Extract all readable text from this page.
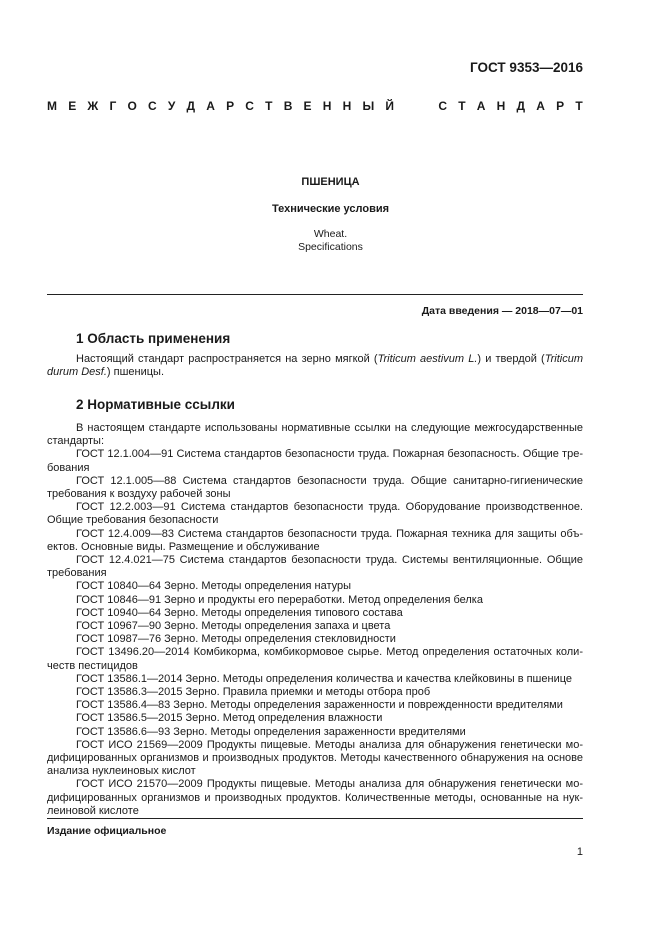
ГОСТ 9353—2016
М Е Ж Г О С У Д А Р С Т В Е Н Н Ы Й	С Т А Н Д А Р Т
ПШЕНИЦА
Технические условия
Wheat.
Specifications
Дата введения — 2018—07—01
1 Область применения
Настоящий стандарт распространяется на зерно мягкой (Triticum aestivum L.) и твердой (Triticum
durum Desf.) пшеницы.
2 Нормативные ссылки
В настоящем стандарте использованы нормативные ссылки на следующие межгосударственные
стандарты:
ГОСТ 12.1.004—91 Система стандартов безопасности труда. Пожарная безопасность. Общие тре-
бования
ГОСТ 12.1.005—88 Система стандартов безопасности труда. Общие санитарно-гигиенические
требования к воздуху рабочей зоны
ГОСТ 12.2.003—91 Система стандартов безопасности труда. Оборудование производственное.
Общие требования безопасности
ГОСТ 12.4.009—83 Система стандартов безопасности труда. Пожарная техника для защиты объ-
ектов. Основные виды. Размещение и обслуживание
ГОСТ 12.4.021—75 Система стандартов безопасности труда. Системы вентиляционные. Общие
требования
ГОСТ 10840—64 Зерно. Методы определения натуры
ГОСТ 10846—91 Зерно и продукты его переработки. Метод определения белка
ГОСТ 10940—64 Зерно. Методы определения типового состава
ГОСТ 10967—90 Зерно. Методы определения запаха и цвета
ГОСТ 10987—76 Зерно. Методы определения стекловидности
ГОСТ 13496.20—2014 Комбикорма, комбикормовое сырье. Метод определения остаточных коли-
честв пестицидов
ГОСТ 13586.1—2014 Зерно. Методы определения количества и качества клейковины в пшенице
ГОСТ 13586.3—2015 Зерно. Правила приемки и методы отбора проб
ГОСТ 13586.4—83 Зерно. Методы определения зараженности и поврежденности вредителями
ГОСТ 13586.5—2015 Зерно. Метод определения влажности
ГОСТ 13586.6—93 Зерно. Методы определения зараженности вредителями
ГОСТ ИСО 21569—2009 Продукты пищевые. Методы анализа для обнаружения генетически мо-
дифицированных организмов и производных продуктов. Методы качественного обнаружения на основе
анализа нуклеиновых кислот
ГОСТ ИСО 21570—2009 Продукты пищевые. Методы анализа для обнаружения генетически мо-
дифицированных организмов и производных продуктов. Количественные методы, основанные на нук-
леиновой кислоте
Издание официальное
1
